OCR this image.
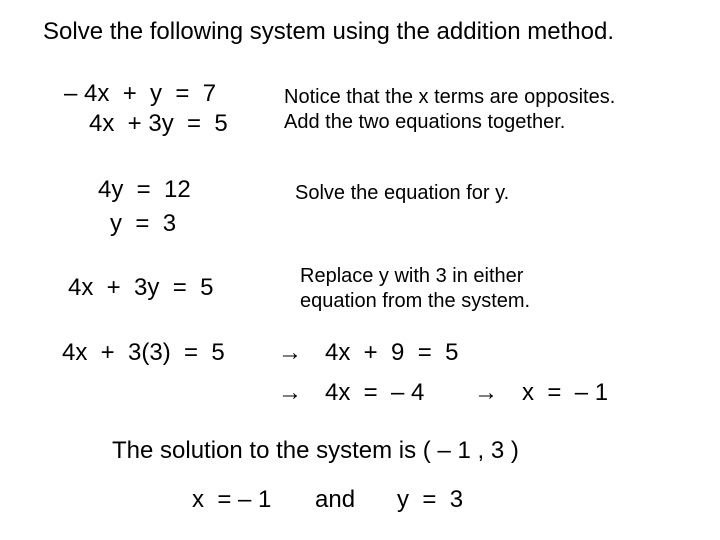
Solve the following system using the addition method.
– 4x  +  y  =  7
4x  + 3y  =  5
Notice that the x terms are opposites.
Add the two equations together.
4y  =  12
y  =  3
Solve the equation for y.
4x  +  3y  =  5	Replace y with 3 in either
equation from the system.
4x  +  3(3)  =  5 → 4x  +  9  =  5
→ 4x  =  – 4 → x  =  – 1
The solution to the system is ( – 1 , 3 )
x  = – 1 and y  =  3
